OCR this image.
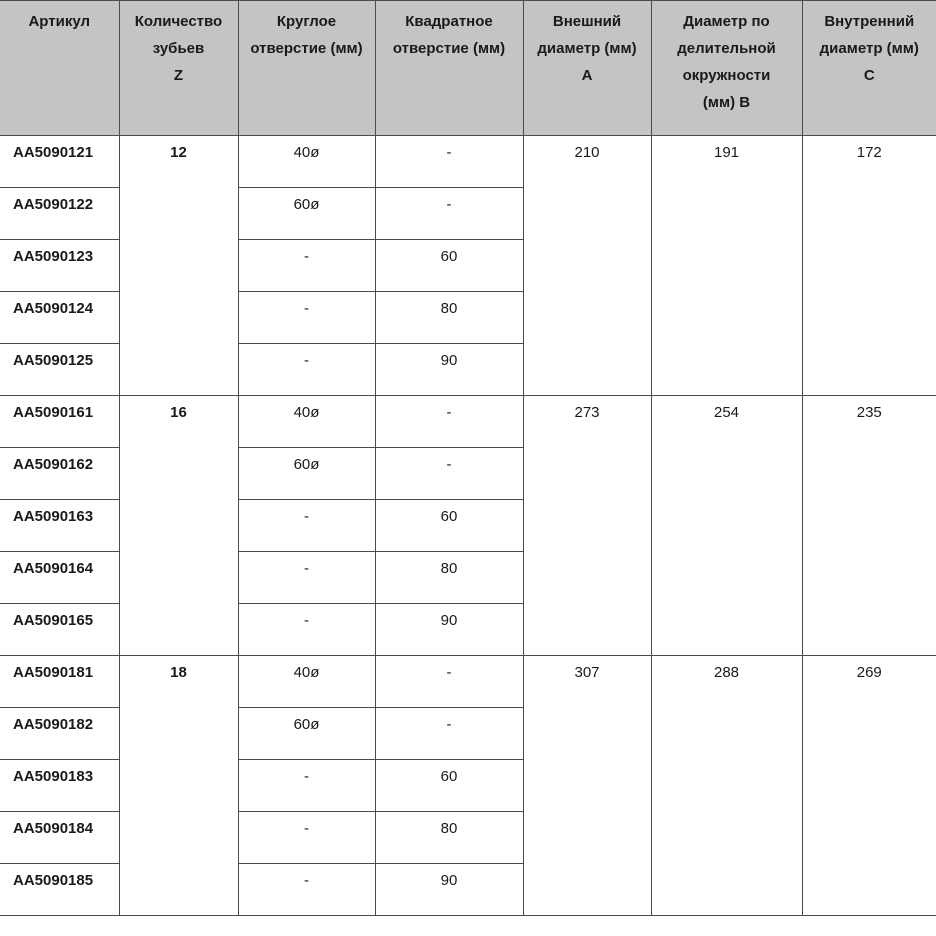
Артикул	Количество
зубьев
Z	Круглое
отверстие (мм)	Квадратное
отверстие (мм)	Внешний
диаметр (мм)
A	Диаметр по
делительной
окружности
(мм) B	Внутренний
диаметр (мм)
C

AA5090121	12	40ø	-	210	191	172
AA5090122		60ø	-			
AA5090123		-	60			
AA5090124		-	80			
AA5090125		-	90			
AA5090161	16	40ø	-	273	254	235
AA5090162		60ø	-			
AA5090163		-	60			
AA5090164		-	80			
AA5090165		-	90			
AA5090181	18	40ø	-	307	288	269
AA5090182		60ø	-			
AA5090183		-	60			
AA5090184		-	80			
AA5090185		-	90			
